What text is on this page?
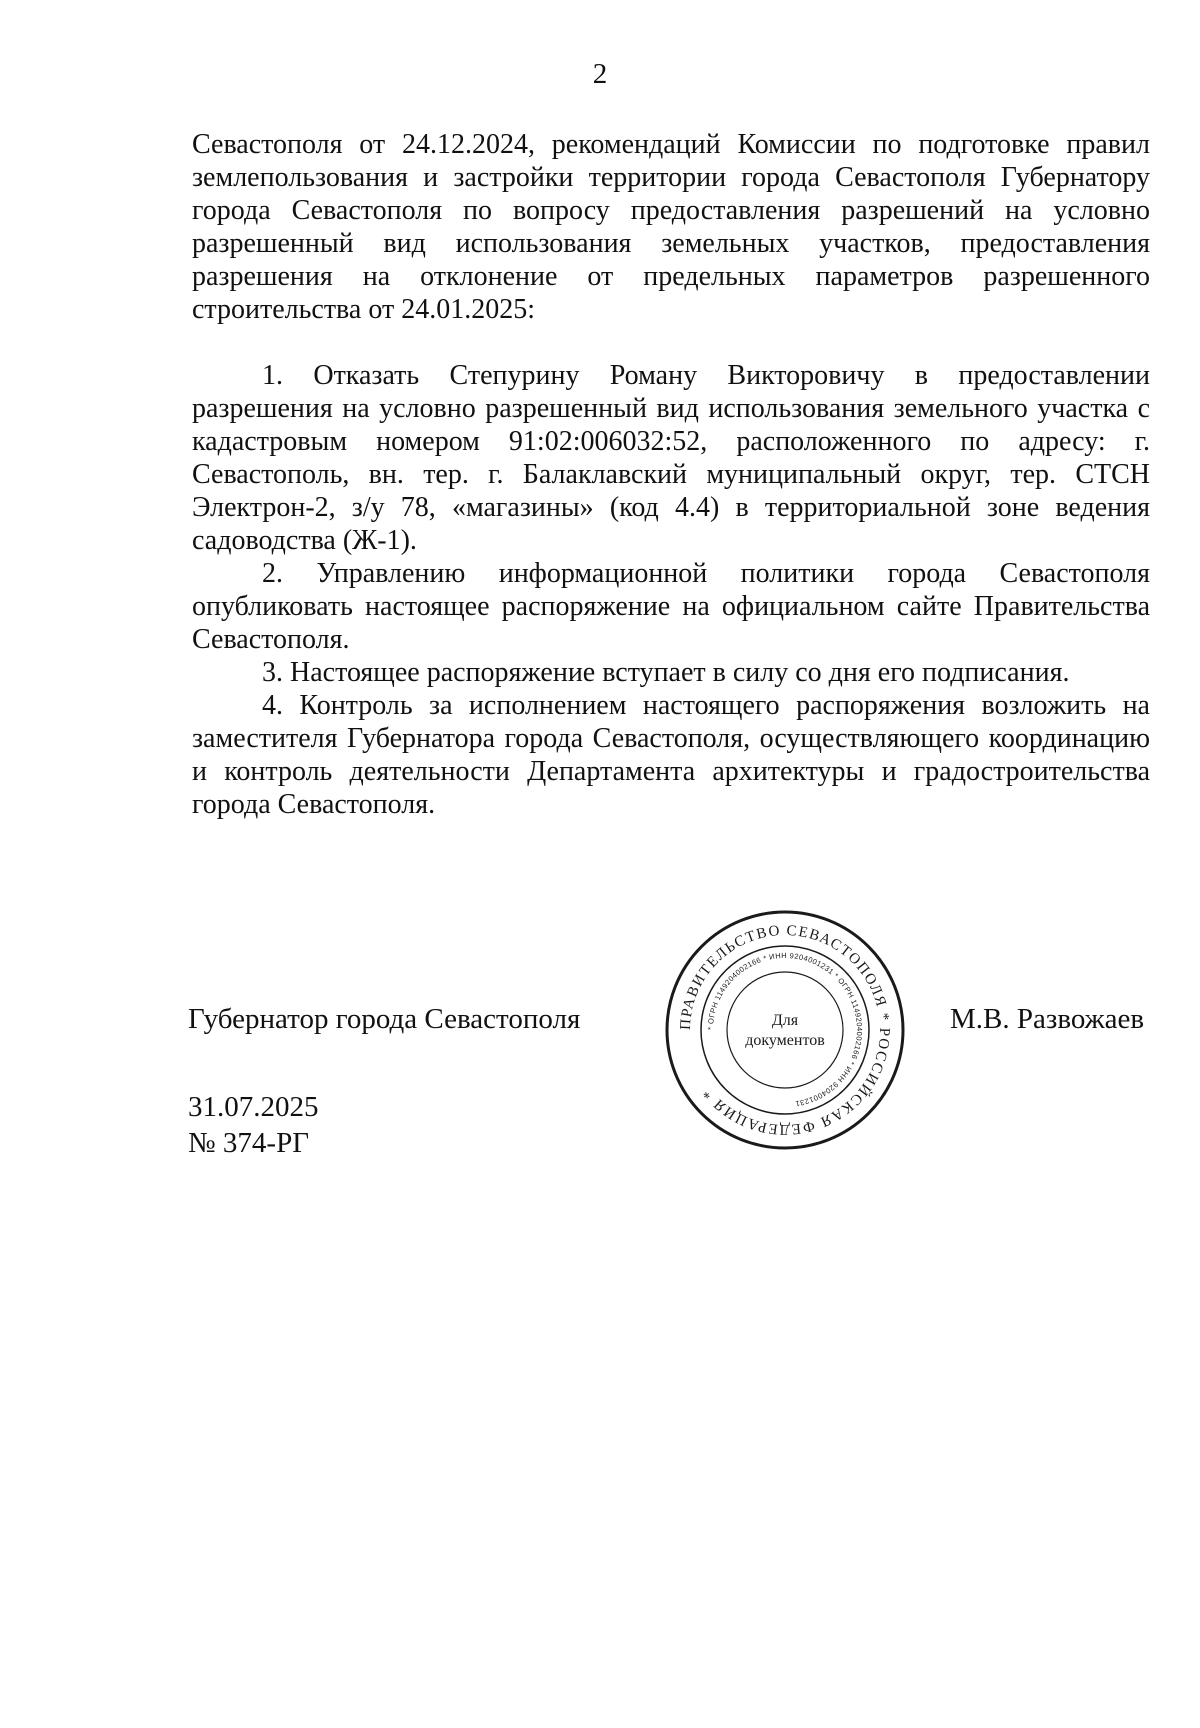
2

Севастополя от 24.12.2024, рекомендаций Комиссии по подготовке правил землепользования и застройки территории города Севастополя Губернатору города Севастополя по вопросу предоставления разрешений на условно разрешенный вид использования земельных участков, предоставления разрешения на отклонение от предельных параметров разрешенного строительства от 24.01.2025:

1. Отказать Степурину Роману Викторовичу в предоставлении разрешения на условно разрешенный вид использования земельного участка с кадастровым номером 91:02:006032:52, расположенного по адресу: г. Севастополь, вн. тер. г. Балаклавский муниципальный округ, тер. СТСН Электрон-2, з/у 78, «магазины» (код 4.4) в территориальной зоне ведения садоводства (Ж-1).

2. Управлению информационной политики города Севастополя опубликовать настоящее распоряжение на официальном сайте Правительства Севастополя.

3. Настоящее распоряжение вступает в силу со дня его подписания.

4. Контроль за исполнением настоящего распоряжения возложить на заместителя Губернатора города Севастополя, осуществляющего координацию и контроль деятельности Департамента архитектуры и градостроительства города Севастополя.

Губернатор города Севастополя	М.В. Развожаев
ПРАВИТЕЛЬСТВО СЕВАСТОПОЛЯ * РОССИЙСКАЯ ФЕДЕРАЦИЯ *
* ОГРН 1149204002166 * ИНН 9204001231 * ОГРН 1149204002166 * ИНН 9204001231
Для
документов
31.07.2025
№ 374-РГ
